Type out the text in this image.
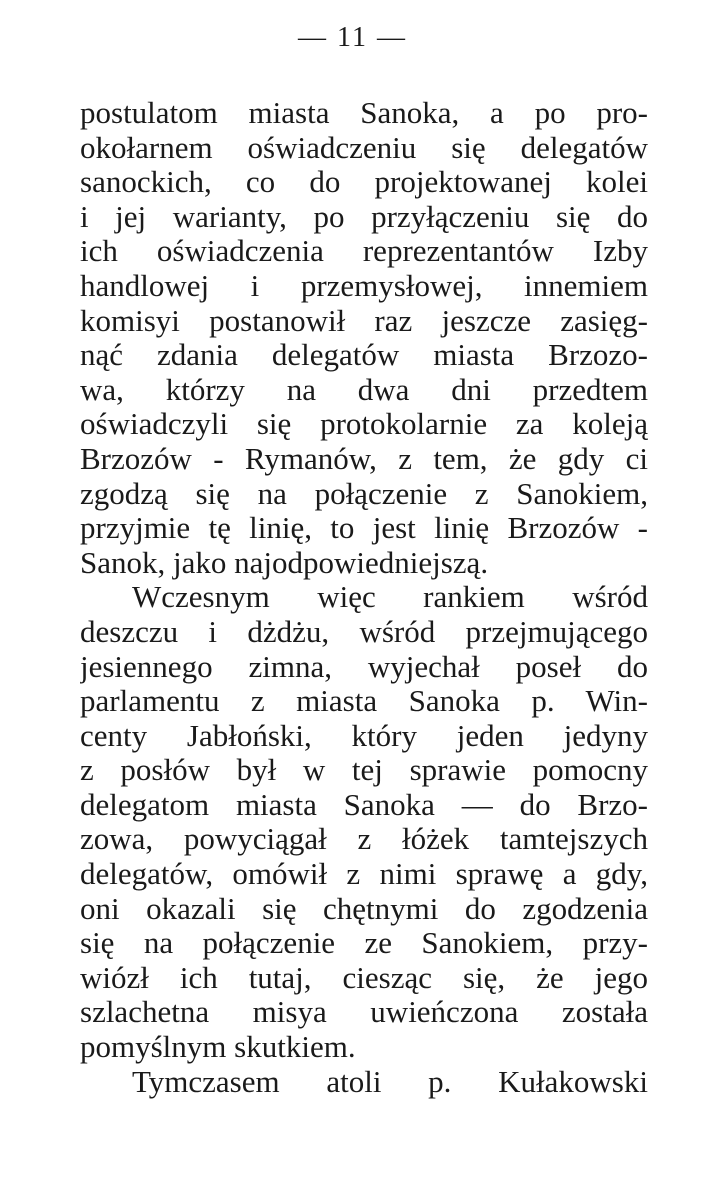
— 11 —
postulatom miasta Sanoka, a po pro-
okołarnem oświadczeniu się delegatów
sanockich, co do projektowanej kolei
i jej warianty, po przyłączeniu się do
ich oświadczenia reprezentantów Izby
handlowej i przemysłowej, innemiem
komisyi postanowił raz jeszcze zasięg-
nąć zdania delegatów miasta Brzozo-
wa, którzy na dwa dni przedtem
oświadczyli się protokolarnie za koleją
Brzozów - Rymanów, z tem, że gdy ci
zgodzą się na połączenie z Sanokiem,
przyjmie tę linię, to jest linię Brzozów -
Sanok, jako najodpowiedniejszą.
Wczesnym więc rankiem wśród
deszczu i dżdżu, wśród przejmującego
jesiennego zimna, wyjechał poseł do
parlamentu z miasta Sanoka p. Win-
centy Jabłoński, który jeden jedyny
z posłów był w tej sprawie pomocny
delegatom miasta Sanoka — do Brzo-
zowa, powyciągał z łóżek tamtejszych
delegatów, omówił z nimi sprawę a gdy,
oni okazali się chętnymi do zgodzenia
się na połączenie ze Sanokiem, przy-
wiózł ich tutaj, ciesząc się, że jego
szlachetna misya uwieńczona została
pomyślnym skutkiem.
Tymczasem atoli p. Kułakowski
